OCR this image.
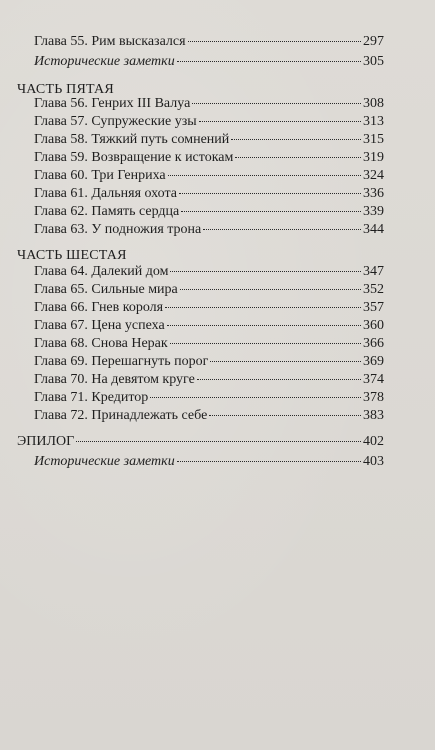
Глава 55. Рим высказался	297
Исторические заметки	305
ЧАСТЬ ПЯТАЯ
Глава 56. Генрих III Валуа	308
Глава 57. Супружеские узы	313
Глава 58. Тяжкий путь сомнений	315
Глава 59. Возвращение к истокам	319
Глава 60. Три Генриха	324
Глава 61. Дальняя охота	336
Глава 62. Память сердца	339
Глава 63. У подножия трона	344
ЧАСТЬ ШЕСТАЯ
Глава 64. Далекий дом	347
Глава 65. Сильные мира	352
Глава 66. Гнев короля	357
Глава 67. Цена успеха	360
Глава 68. Снова Нерак	366
Глава 69. Перешагнуть порог	369
Глава 70. На девятом круге	374
Глава 71. Кредитор	378
Глава 72. Принадлежать себе	383
ЭПИЛОГ	402
Исторические заметки	403
